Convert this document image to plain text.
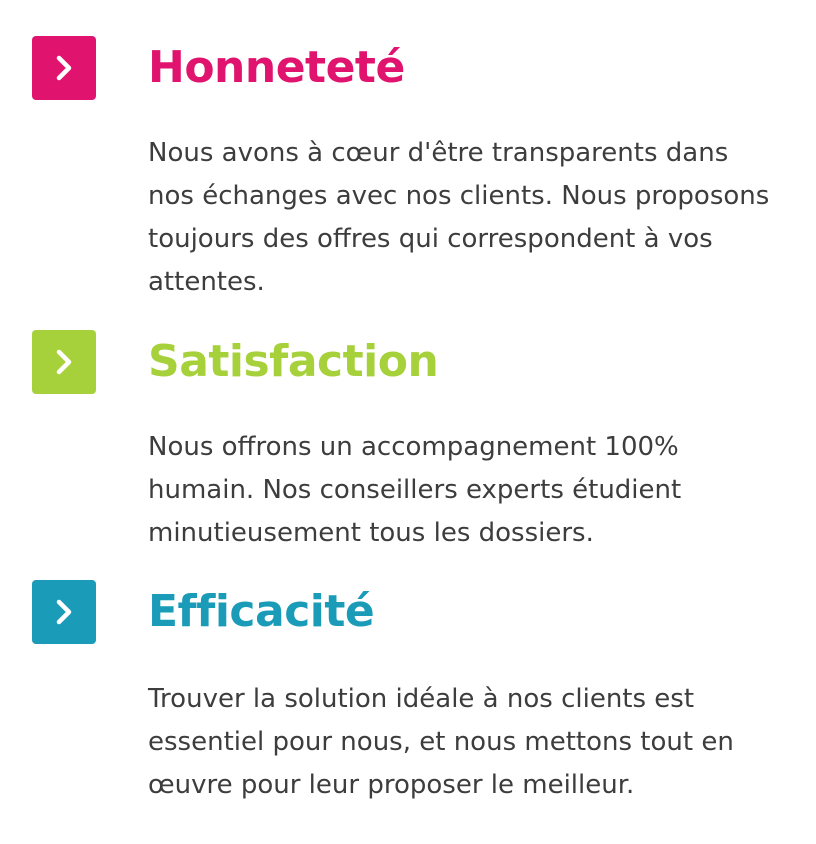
Honneteté
Nous avons à cœur d'être transparents dans nos échanges avec nos clients. Nous proposons toujours des offres qui correspondent à vos attentes.
Satisfaction
Nous offrons un accompagnement 100% humain. Nos conseillers experts étudient minutieusement tous les dossiers.
Efficacité
Trouver la solution idéale à nos clients est essentiel pour nous, et nous mettons tout en œuvre pour leur proposer le meilleur.
